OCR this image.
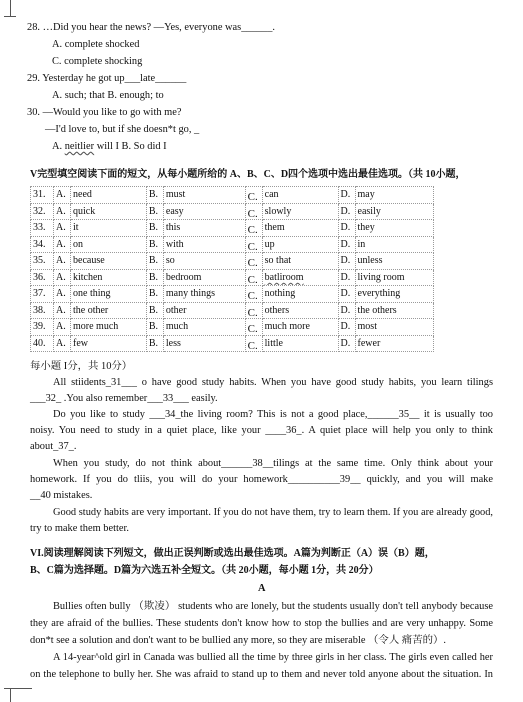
28. …Did you hear the news? —Yes, everyone was______.
A. complete shocked
C. complete shocking
29. Yesterday he got up___late______
A. such; that B. enough; to
30. —Would you like to go with me?
—I'd love to, but if she doesn*t go, _
A. neitlier will I B. So did I
V完型填空阅读下面的短文，从每小题所给的 A、B、C、D四个选项中选出最佳选项。（共 10小题，
31.	A.	need	B.	must	C.	can	D.	may
32.	A.	quick	B.	easy	C.	slowly	D.	easily
33.	A.	it	B.	this	C.	them	D.	they
34.	A.	on	B.	with	C.	up	D.	in
35.	A.	because	B.	so	C.	so that	D.	unless
36.	A.	kitchen	B.	bedroom	C.	batliroom	D.	living room
37.	A.	one thing	B.	many things	C.	nothing	D.	everything
38.	A.	the other	B.	other	C.	others	D.	the others
39.	A.	more much	B.	much	C.	much more	D.	most
40.	A.	few	B.	less	C.	little	D.	fewer
每小题 I分，共 10分）
All stiidents_31___ o have good study habits. When you have good study habits, you learn tilings
___32_ .You also remember___33___ easily.
Do you like to study ___34_the living room? This is not a good place,______35__ it is usually too
noisy. You need to study in a quiet place, like your ____36_. A quiet place will help you only to think
about_37_.
When you study, do not think about______38__tilings at the same time. Only think about your
homework. If you do tliis, you will do your homework__________39__ quickly, and you will make
__40 mistakes.
Good study habits are very important. If you do not have them, try to learn them. If you are already good,
try to make them better.
VI.阅读理解阅读下列短文，做出正误判断或选出最佳选项。A篇为判断正（A）误（B）题，
B、C篇为选择题。D篇为六选五补全短文。（共 20小题，每小题 1分，共 20分）
A
Bullies often bully （欺凌） students who are lonely, but the students usually don't tell anybody because
they are afraid of the bullies. These students don't know how to stop the bullies and are very unhappy. Some
don*t see a solution and don't want to be bullied any more, so they are miserable （令人 痛苦的）.
A 14-year^old girl in Canada was bullied all the time by three girls in her class. The girls even called her
on the telephone to bully her. She was afraid to stand up to them and never told anyone about the situation. In
